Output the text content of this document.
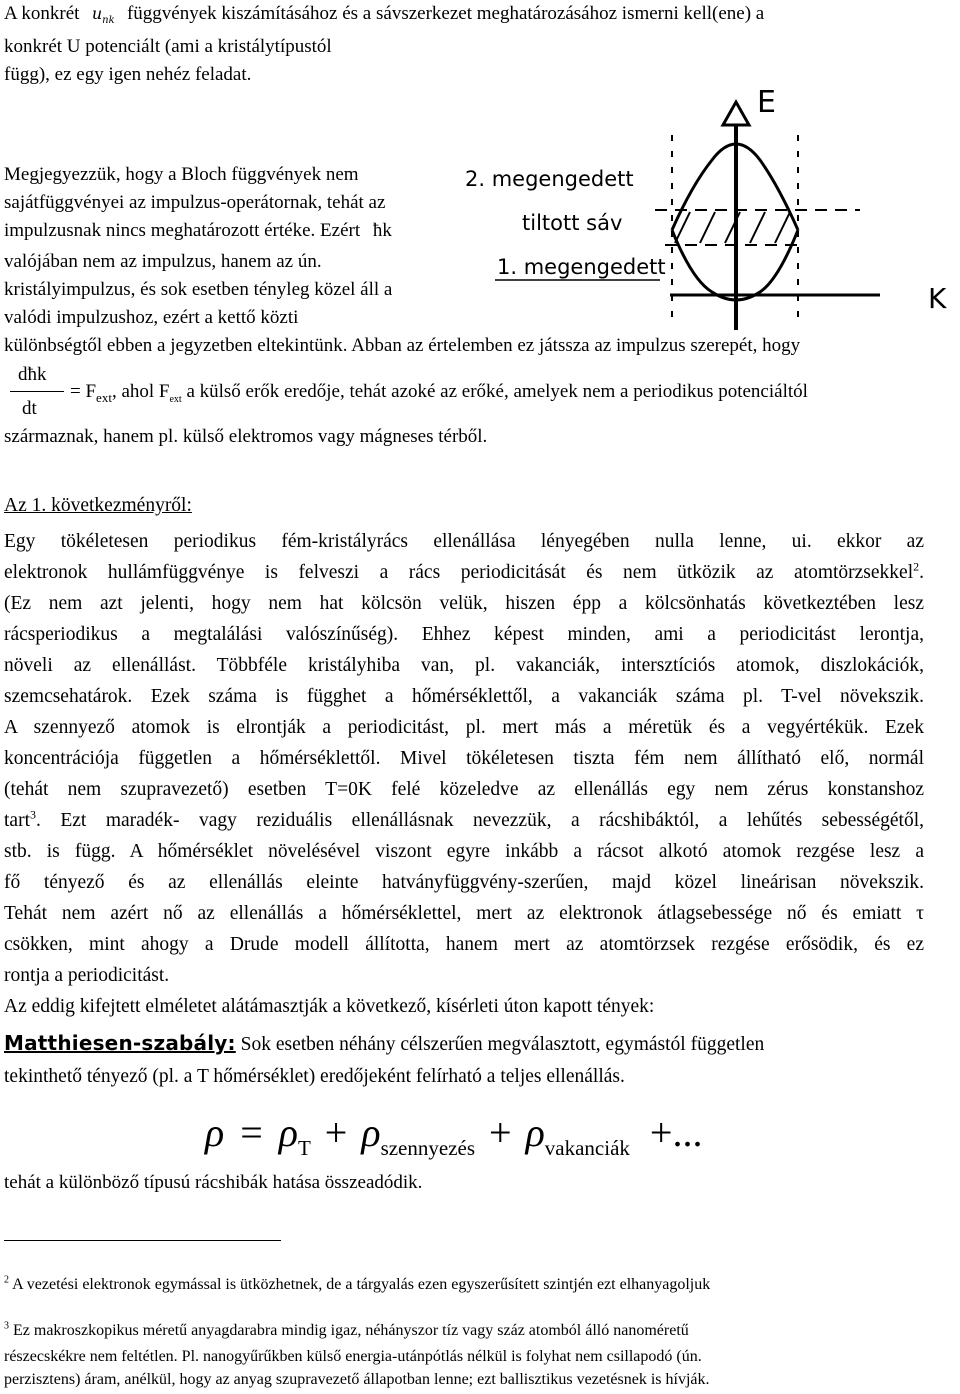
A konkrét $u_{nk}$ függvények kiszámításához és a sávszerkezet meghatározásához ismerni kell(ene) a
konkrét U potenciált (ami a kristálytípustól
függ), ez egy igen nehéz feladat.
Megjegyezzük, hogy a Bloch függvények nem
sajátfüggvényei az impulzus-operátornak, tehát az
impulzusnak nincs meghatározott értéke. Ezért ħk
valójában nem az impulzus, hanem az ún.
kristályimpulzus, és sok esetben tényleg közel áll a
valódi impulzushoz, ezért a kettő közti
különbségtől ebben a jegyzetben eltekintünk. Abban az értelemben ez játssza az impulzus szerepét, hogy
E
K
2. megengedett
tiltott sáv
1. megengedett
dħk
dt
= $F_{ext}$, ahol $F_{ext}$ a külső erők eredője, tehát azoké az erőké, amelyek nem a periodikus potenciáltól
származnak, hanem pl. külső elektromos vagy mágneses térből.
Az 1. következményről:
Egy tökéletesen periodikus fém-kristályrács ellenállása lényegében nulla lenne, ui. ekkor az
elektronok hullámfüggvénye is felveszi a rács periodicitását és nem ütközik az atomtörzsekkel$^2$.
(Ez nem azt jelenti, hogy nem hat kölcsön velük, hiszen épp a kölcsönhatás következtében lesz
rácsperiodikus a megtalálási valószínűség). Ehhez képest minden, ami a periodicitást lerontja,
növeli az ellenállást. Többféle kristályhiba van, pl. vakanciák, intersztíciós atomok, diszlokációk,
szemcsehatárok. Ezek száma is függhet a hőmérséklettől, a vakanciák száma pl. T-vel növekszik.
A szennyező atomok is elrontják a periodicitást, pl. mert más a méretük és a vegyértékük. Ezek
koncentrációja független a hőmérséklettől. Mivel tökéletesen tiszta fém nem állítható elő, normál
(tehát nem szupravezető) esetben T=0K felé közeledve az ellenállás egy nem zérus konstanshoz
tart$^3$. Ezt maradék- vagy reziduális ellenállásnak nevezzük, a rácshibáktól, a lehűtés sebességétől,
stb. is függ. A hőmérséklet növelésével viszont egyre inkább a rácsot alkotó atomok rezgése lesz a
fő tényező és az ellenállás eleinte hatványfüggvény-szerűen, majd közel lineárisan növekszik.
Tehát nem azért nő az ellenállás a hőmérséklettel, mert az elektronok átlagsebessége nő és emiatt τ
csökken, mint ahogy a Drude modell állította, hanem mert az atomtörzsek rezgése erősödik, és ez
rontja a periodicitást.
Az eddig kifejtett elméletet alátámasztják a következő, kísérleti úton kapott tények:
Matthiesen-szabály: Sok esetben néhány célszerűen megválasztott, egymástól független
tekinthető tényező (pl. a T hőmérséklet) eredőjeként felírható a teljes ellenállás.
$\rho = \rho_T + \rho_{szennyezés} + \rho_{vakanciák}$ +...
tehát a különböző típusú rácshibák hatása összeadódik.
$^2$ A vezetési elektronok egymással is ütközhetnek, de a tárgyalás ezen egyszerűsített szintjén ezt elhanyagoljuk
$^3$ Ez makroszkopikus méretű anyagdarabra mindig igaz, néhányszor tíz vagy száz atomból álló nanoméretű
részecskékre nem feltétlen. Pl. nanogyűrűkben külső energia-utánpótlás nélkül is folyhat nem csillapodó (ún.
perzisztens) áram, anélkül, hogy az anyag szupravezető állapotban lenne; ezt ballisztikus vezetésnek is hívják.
